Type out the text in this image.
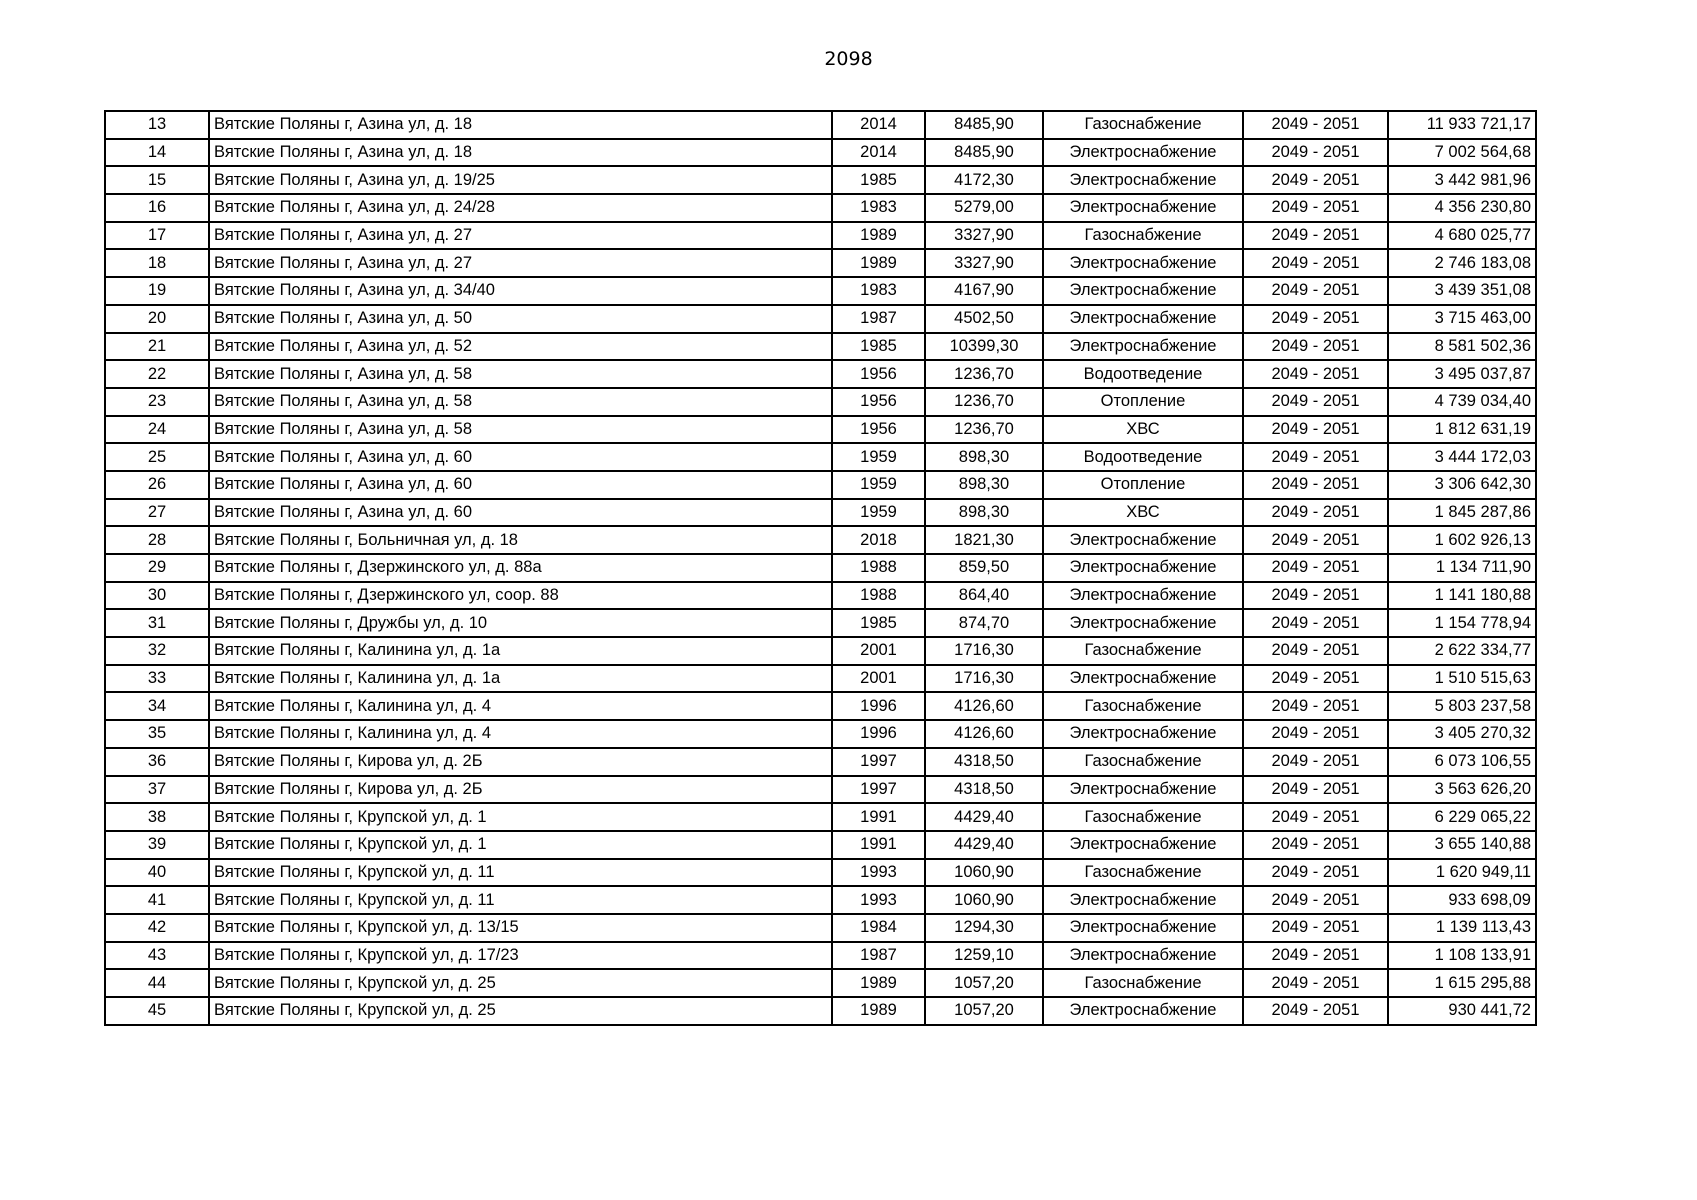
2098
13	Вятские Поляны г, Азина ул, д. 18	2014	8485,90	Газоснабжение	2049 - 2051	11 933 721,17
14	Вятские Поляны г, Азина ул, д. 18	2014	8485,90	Электроснабжение	2049 - 2051	7 002 564,68
15	Вятские Поляны г, Азина ул, д. 19/25	1985	4172,30	Электроснабжение	2049 - 2051	3 442 981,96
16	Вятские Поляны г, Азина ул, д. 24/28	1983	5279,00	Электроснабжение	2049 - 2051	4 356 230,80
17	Вятские Поляны г, Азина ул, д. 27	1989	3327,90	Газоснабжение	2049 - 2051	4 680 025,77
18	Вятские Поляны г, Азина ул, д. 27	1989	3327,90	Электроснабжение	2049 - 2051	2 746 183,08
19	Вятские Поляны г, Азина ул, д. 34/40	1983	4167,90	Электроснабжение	2049 - 2051	3 439 351,08
20	Вятские Поляны г, Азина ул, д. 50	1987	4502,50	Электроснабжение	2049 - 2051	3 715 463,00
21	Вятские Поляны г, Азина ул, д. 52	1985	10399,30	Электроснабжение	2049 - 2051	8 581 502,36
22	Вятские Поляны г, Азина ул, д. 58	1956	1236,70	Водоотведение	2049 - 2051	3 495 037,87
23	Вятские Поляны г, Азина ул, д. 58	1956	1236,70	Отопление	2049 - 2051	4 739 034,40
24	Вятские Поляны г, Азина ул, д. 58	1956	1236,70	ХВС	2049 - 2051	1 812 631,19
25	Вятские Поляны г, Азина ул, д. 60	1959	898,30	Водоотведение	2049 - 2051	3 444 172,03
26	Вятские Поляны г, Азина ул, д. 60	1959	898,30	Отопление	2049 - 2051	3 306 642,30
27	Вятские Поляны г, Азина ул, д. 60	1959	898,30	ХВС	2049 - 2051	1 845 287,86
28	Вятские Поляны г, Больничная ул, д. 18	2018	1821,30	Электроснабжение	2049 - 2051	1 602 926,13
29	Вятские Поляны г, Дзержинского ул, д. 88а	1988	859,50	Электроснабжение	2049 - 2051	1 134 711,90
30	Вятские Поляны г, Дзержинского ул, соор. 88	1988	864,40	Электроснабжение	2049 - 2051	1 141 180,88
31	Вятские Поляны г, Дружбы ул, д. 10	1985	874,70	Электроснабжение	2049 - 2051	1 154 778,94
32	Вятские Поляны г, Калинина ул, д. 1а	2001	1716,30	Газоснабжение	2049 - 2051	2 622 334,77
33	Вятские Поляны г, Калинина ул, д. 1а	2001	1716,30	Электроснабжение	2049 - 2051	1 510 515,63
34	Вятские Поляны г, Калинина ул, д. 4	1996	4126,60	Газоснабжение	2049 - 2051	5 803 237,58
35	Вятские Поляны г, Калинина ул, д. 4	1996	4126,60	Электроснабжение	2049 - 2051	3 405 270,32
36	Вятские Поляны г, Кирова ул, д. 2Б	1997	4318,50	Газоснабжение	2049 - 2051	6 073 106,55
37	Вятские Поляны г, Кирова ул, д. 2Б	1997	4318,50	Электроснабжение	2049 - 2051	3 563 626,20
38	Вятские Поляны г, Крупской ул, д. 1	1991	4429,40	Газоснабжение	2049 - 2051	6 229 065,22
39	Вятские Поляны г, Крупской ул, д. 1	1991	4429,40	Электроснабжение	2049 - 2051	3 655 140,88
40	Вятские Поляны г, Крупской ул, д. 11	1993	1060,90	Газоснабжение	2049 - 2051	1 620 949,11
41	Вятские Поляны г, Крупской ул, д. 11	1993	1060,90	Электроснабжение	2049 - 2051	933 698,09
42	Вятские Поляны г, Крупской ул, д. 13/15	1984	1294,30	Электроснабжение	2049 - 2051	1 139 113,43
43	Вятские Поляны г, Крупской ул, д. 17/23	1987	1259,10	Электроснабжение	2049 - 2051	1 108 133,91
44	Вятские Поляны г, Крупской ул, д. 25	1989	1057,20	Газоснабжение	2049 - 2051	1 615 295,88
45	Вятские Поляны г, Крупской ул, д. 25	1989	1057,20	Электроснабжение	2049 - 2051	930 441,72
